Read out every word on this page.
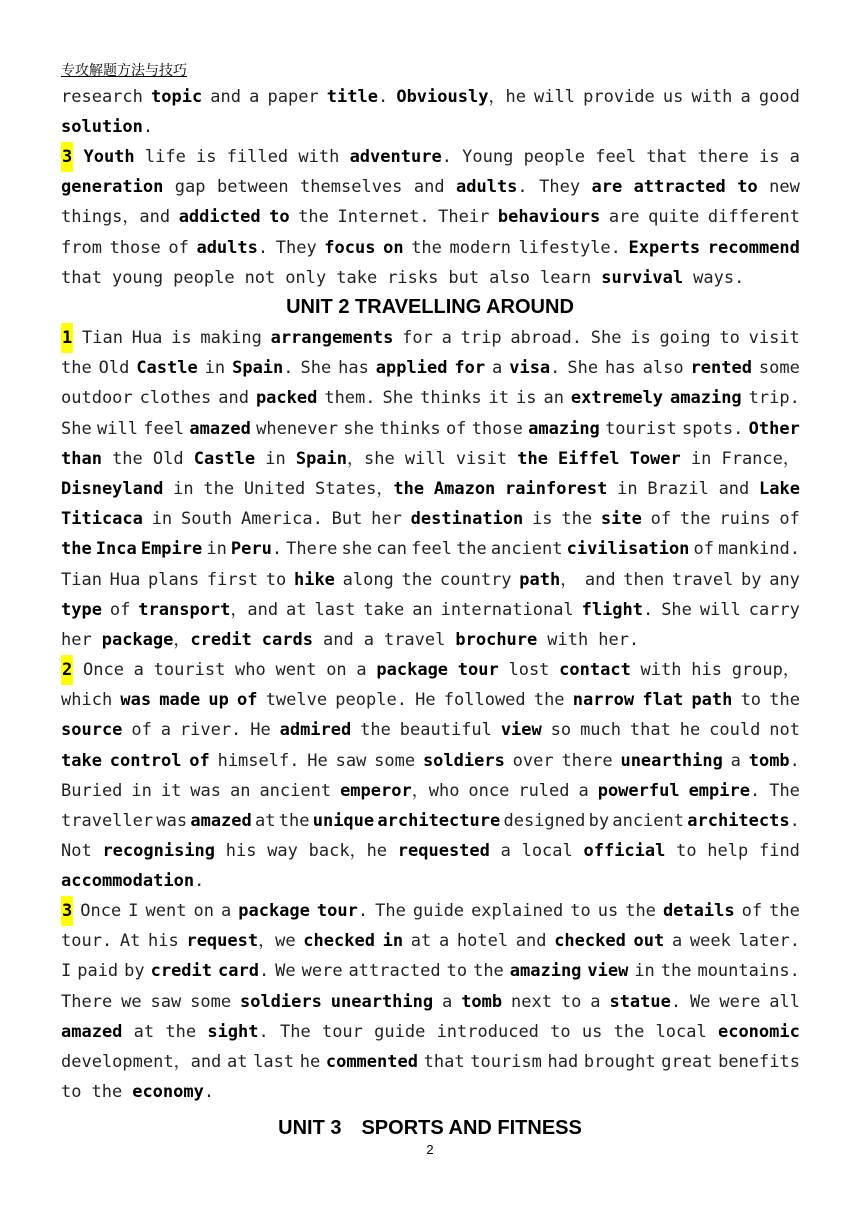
专攻解题方法与技巧
research topic and a paper title. Obviously，he will provide us with a good
solution.
3 Youth life is filled with adventure. Young people feel that there is a
generation gap between themselves and adults. They are attracted to new
things，and addicted to the Internet. Their behaviours are quite different
from those of adults. They focus on the modern lifestyle. Experts recommend
that young people not only take risks but also learn survival ways.
UNIT 2 TRAVELLING AROUND
1 Tian Hua is making arrangements for a trip abroad. She is going to visit
the Old Castle in Spain. She has applied for a visa. She has also rented some
outdoor clothes and packed them. She thinks it is an extremely amazing trip.
She will feel amazed whenever she thinks of those amazing tourist spots. Other
than the Old Castle in Spain，she will visit the Eiffel Tower in France，
Disneyland in the United States，the Amazon rainforest in Brazil and Lake
Titicaca in South America. But her destination is the site of the ruins of
the Inca Empire in Peru. There she can feel the ancient civilisation of mankind.
Tian Hua plans first to hike along the country path， and then travel by any
type of transport，and at last take an international flight. She will carry
her package，credit cards and a travel brochure with her.
2 Once a tourist who went on a package tour lost contact with his group，
which was made up of twelve people. He followed the narrow flat path to the
source of a river. He admired the beautiful view so much that he could not
take control of himself. He saw some soldiers over there unearthing a tomb.
Buried in it was an ancient emperor，who once ruled a powerful empire. The
traveller was amazed at the unique architecture designed by ancient architects.
Not recognising his way back，he requested a local official to help find
accommodation.
3 Once I went on a package tour. The guide explained to us the details of the
tour. At his request，we checked in at a hotel and checked out a week later.
I paid by credit card. We were attracted to the amazing view in the mountains.
There we saw some soldiers unearthing a tomb next to a statue. We were all
amazed at the sight. The tour guide introduced to us the local economic
development，and at last he commented that tourism had brought great benefits
to the economy.
UNIT 3　SPORTS AND FITNESS
2
